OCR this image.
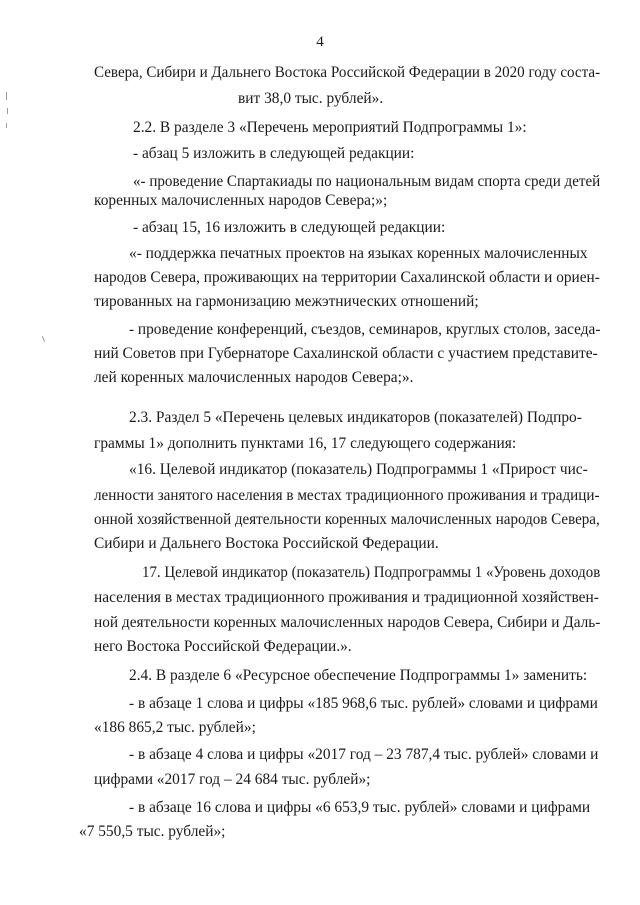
4
Севера, Сибири и Дальнего Востока Российской Федерации в 2020 году соста-
вит 38,0 тыс. рублей».
2.2. В разделе 3 «Перечень мероприятий Подпрограммы 1»:
- абзац 5 изложить в следующей редакции:
«- проведение Спартакиады по национальным видам спорта среди детей
коренных малочисленных народов Севера;»;
- абзац 15, 16 изложить в следующей редакции:
«- поддержка печатных проектов на языках коренных малочисленных
народов Севера, проживающих на территории Сахалинской области и ориен-
тированных на гармонизацию межэтнических отношений;
- проведение конференций, съездов, семинаров, круглых столов, заседа-
ний Советов при Губернаторе Сахалинской области с участием представите-
лей коренных малочисленных народов Севера;».
2.3. Раздел 5 «Перечень целевых индикаторов (показателей) Подпро-
граммы 1» дополнить пунктами 16, 17 следующего содержания:
«16. Целевой индикатор (показатель) Подпрограммы 1 «Прирост чис-
ленности занятого населения в местах традиционного проживания и традици-
онной хозяйственной деятельности коренных малочисленных народов Севера,
Сибири и Дальнего Востока Российской Федерации.
17. Целевой индикатор (показатель) Подпрограммы 1 «Уровень доходов
населения в местах традиционного проживания и традиционной хозяйствен-
ной деятельности коренных малочисленных народов Севера, Сибири и Даль-
него Востока Российской Федерации.».
2.4. В разделе 6 «Ресурсное обеспечение Подпрограммы 1» заменить:
- в абзаце 1 слова и цифры «185 968,6 тыс. рублей» словами и цифрами
«186 865,2 тыс. рублей»;
- в абзаце 4 слова и цифры «2017 год – 23 787,4 тыс. рублей» словами и
цифрами «2017 год – 24 684 тыс. рублей»;
- в абзаце 16 слова и цифры «6 653,9 тыс. рублей» словами и цифрами
«7 550,5 тыс. рублей»;
